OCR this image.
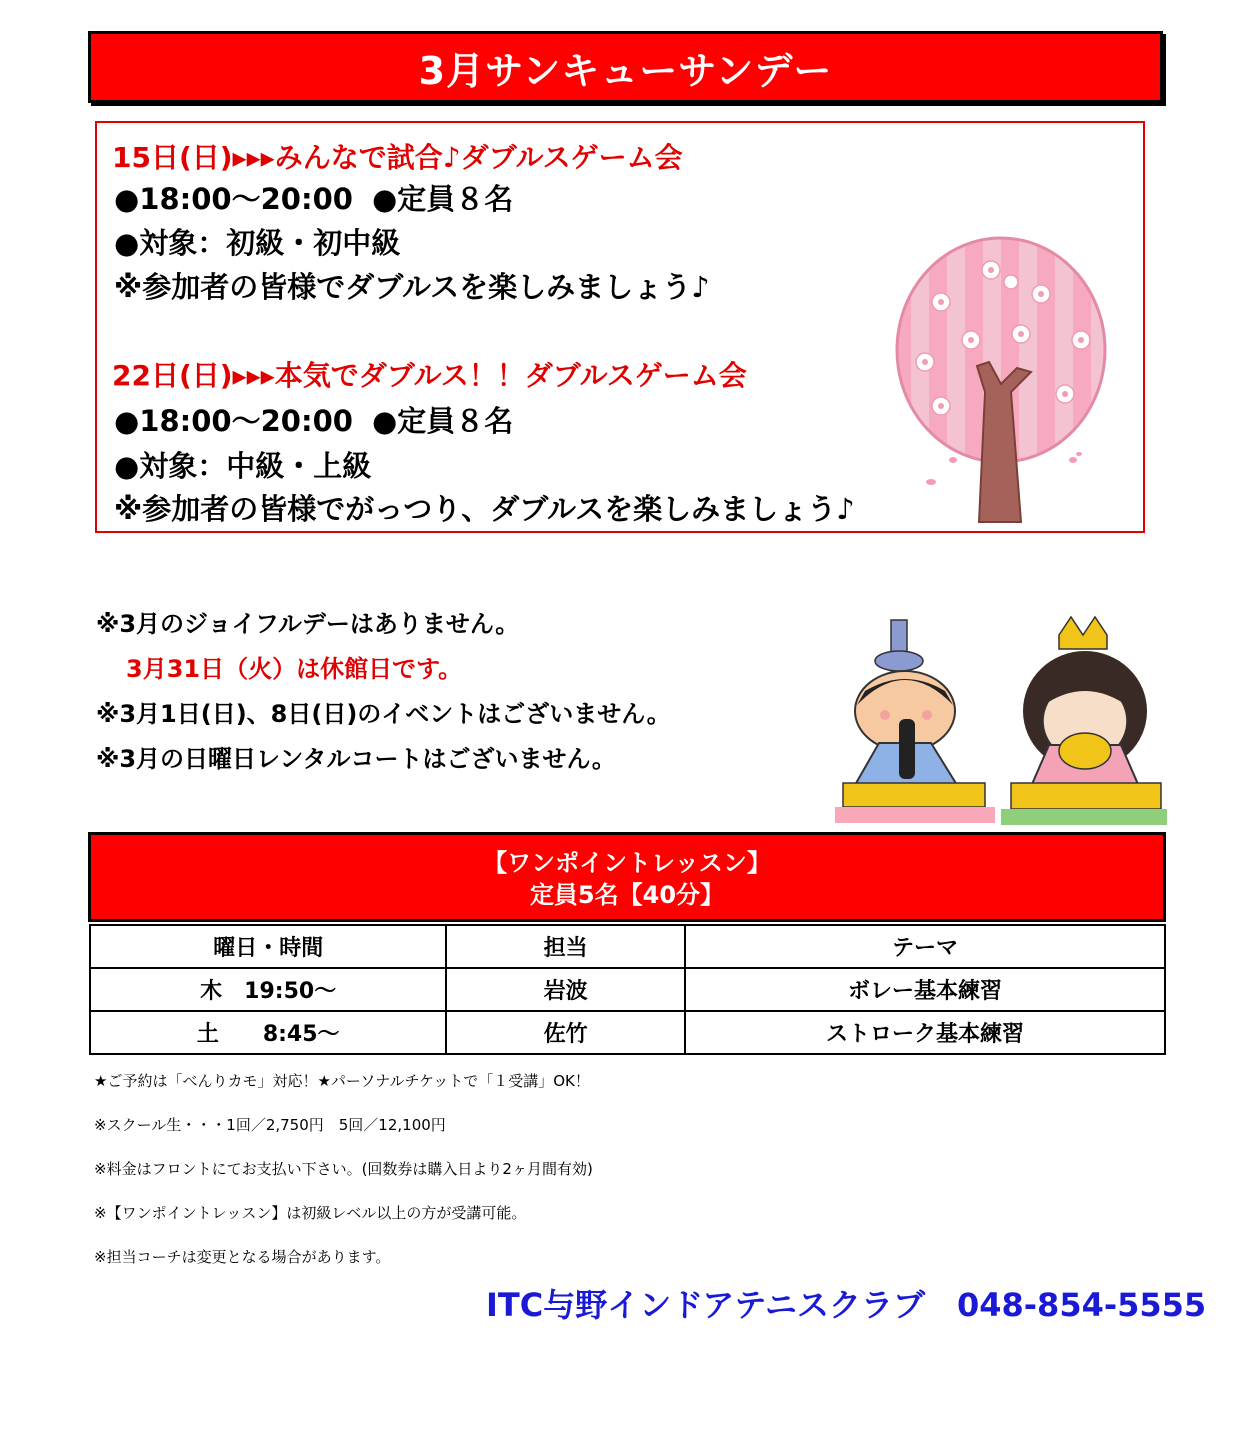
3月サンキューサンデー
15日(日)▸▸▸みんなで試合♪ダブルスゲーム会
●18:00～20:00 ●定員８名
●対象：初級・初中級
※参加者の皆様でダブルスを楽しみましょう♪
22日(日)▸▸▸本気でダブルス！！ダブルスゲーム会
●18:00～20:00 ●定員８名
●対象：中級・上級
※参加者の皆様でがっつり、ダブルスを楽しみましょう♪
※3月のジョイフルデーはありません。
3月31日（火）は休館日です。
※3月1日(日)、8日(日)のイベントはございません。
※3月の日曜日レンタルコートはございません。
【ワンポイントレッスン】
定員5名【40分】
曜日・時間	担当	テーマ
木　19:50～	岩波	ボレー基本練習
土　　8:45～	佐竹	ストローク基本練習
★ご予約は「べんりカモ」対応！★パーソナルチケットで「１受講」OK！
※スクール生・・・1回／2,750円　5回／12,100円
※料金はフロントにてお支払い下さい。(回数券は購入日より2ヶ月間有効)
※【ワンポイントレッスン】は初級レベル以上の方が受講可能。
※担当コーチは変更となる場合があります。
ITC与野インドアテニスクラブ　048-854-5555
